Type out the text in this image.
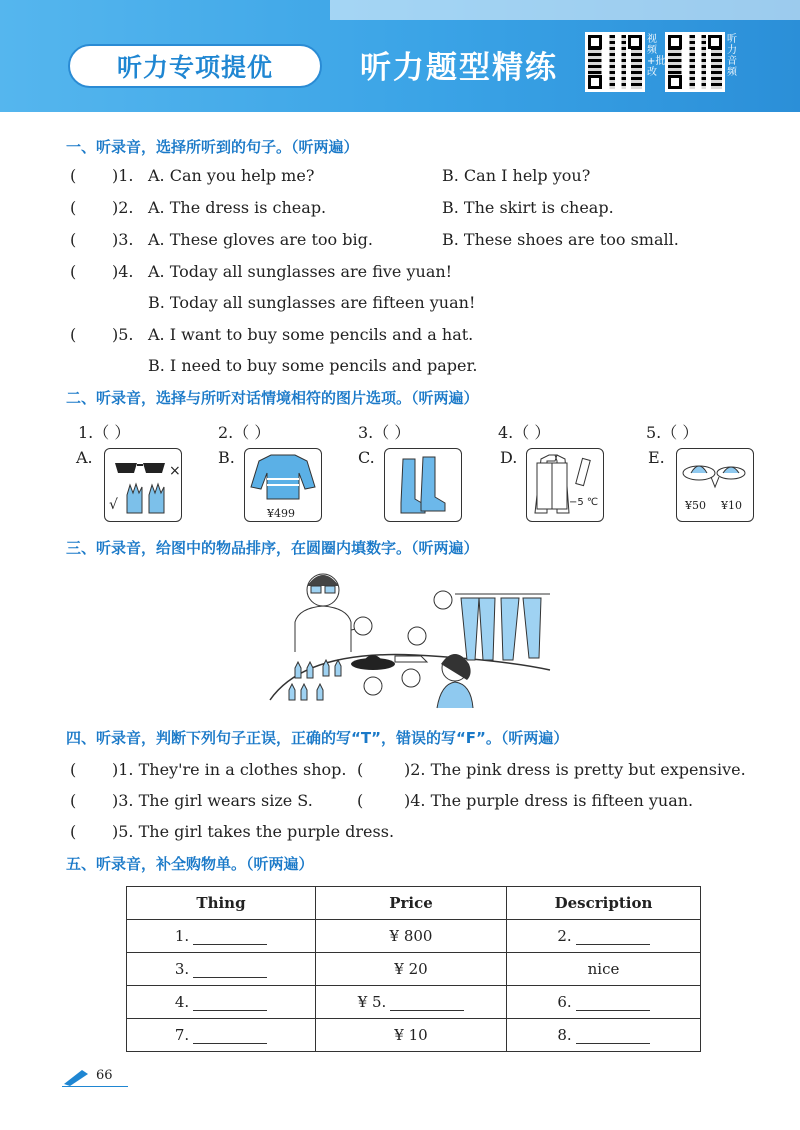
听力专项提优	听力题型精练
视频+批改
听力音频
一、听录音，选择所听到的句子。（听两遍）
( )1. A. Can you help me?	B. Can I help you?
( )2. A. The dress is cheap.	B. The skirt is cheap.
( )3. A. These gloves are too big.	B. These shoes are too small.
( )4. A. Today all sunglasses are five yuan!
B. Today all sunglasses are fifteen yuan!
( )5. A. I want to buy some pencils and a hat.
B. I need to buy some pencils and paper.
二、听录音，选择与所听对话情境相符的图片选项。（听两遍）
1.（ ）	2.（ ）	3.（ ）	4.（ ）	5.（ ）
A.
×
√
B.
¥499
C.	D.
−5 ℃
E.
¥50 ¥10
三、听录音，给图中的物品排序，在圆圈内填数字。（听两遍）
四、听录音，判断下列句子正误，正确的写“T”，错误的写“F”。（听两遍）
( )1. They're in a clothes shop. (	)2. The pink dress is pretty but expensive.
( )3. The girl wears size S.	(	)4. The purple dress is fifteen yuan.
( )5. The girl takes the purple dress.
五、听录音，补全购物单。（听两遍）
Thing	Price	Description
1.	¥ 800	2.
3.	¥ 20	nice
4.	¥ 5.	6.
7.	¥ 10	8.
66
